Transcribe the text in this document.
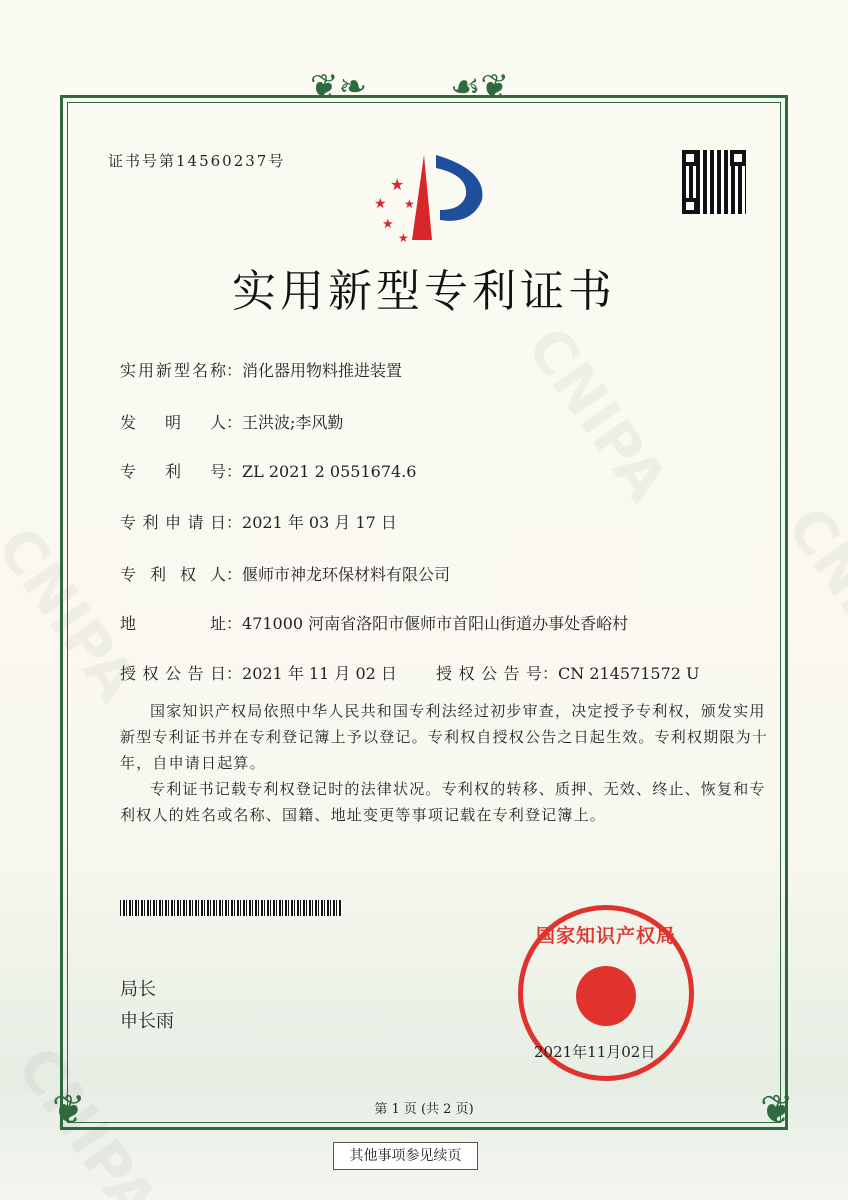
❦❧ ☙❦
❦	❦
证书号第14560237号
★
★
★
★
★
实用新型专利证书
实用新型名称：消化器用物料推进装置
发明人：王洪波;李风勤
专利号：ZL 2021 2 0551674.6
专利申请日：2021 年 03 月 17 日
专利权人：偃师市神龙环保材料有限公司
地址：471000 河南省洛阳市偃师市首阳山街道办事处香峪村
授权公告日：2021 年 11 月 02 日 授权公告号：CN 214571572 U

国家知识产权局依照中华人民共和国专利法经过初步审查，决定授予专利权，颁发实用新型专利证书并在专利登记簿上予以登记。专利权自授权公告之日起生效。专利权期限为十年，自申请日起算。

专利证书记载专利权登记时的法律状况。专利权的转移、质押、无效、终止、恢复和专利权人的姓名或名称、国籍、地址变更等事项记载在专利登记簿上。

局长
申长雨
国家知识产权局
2021年11月02日
第 1 页 (共 2 页)
其他事项参见续页
